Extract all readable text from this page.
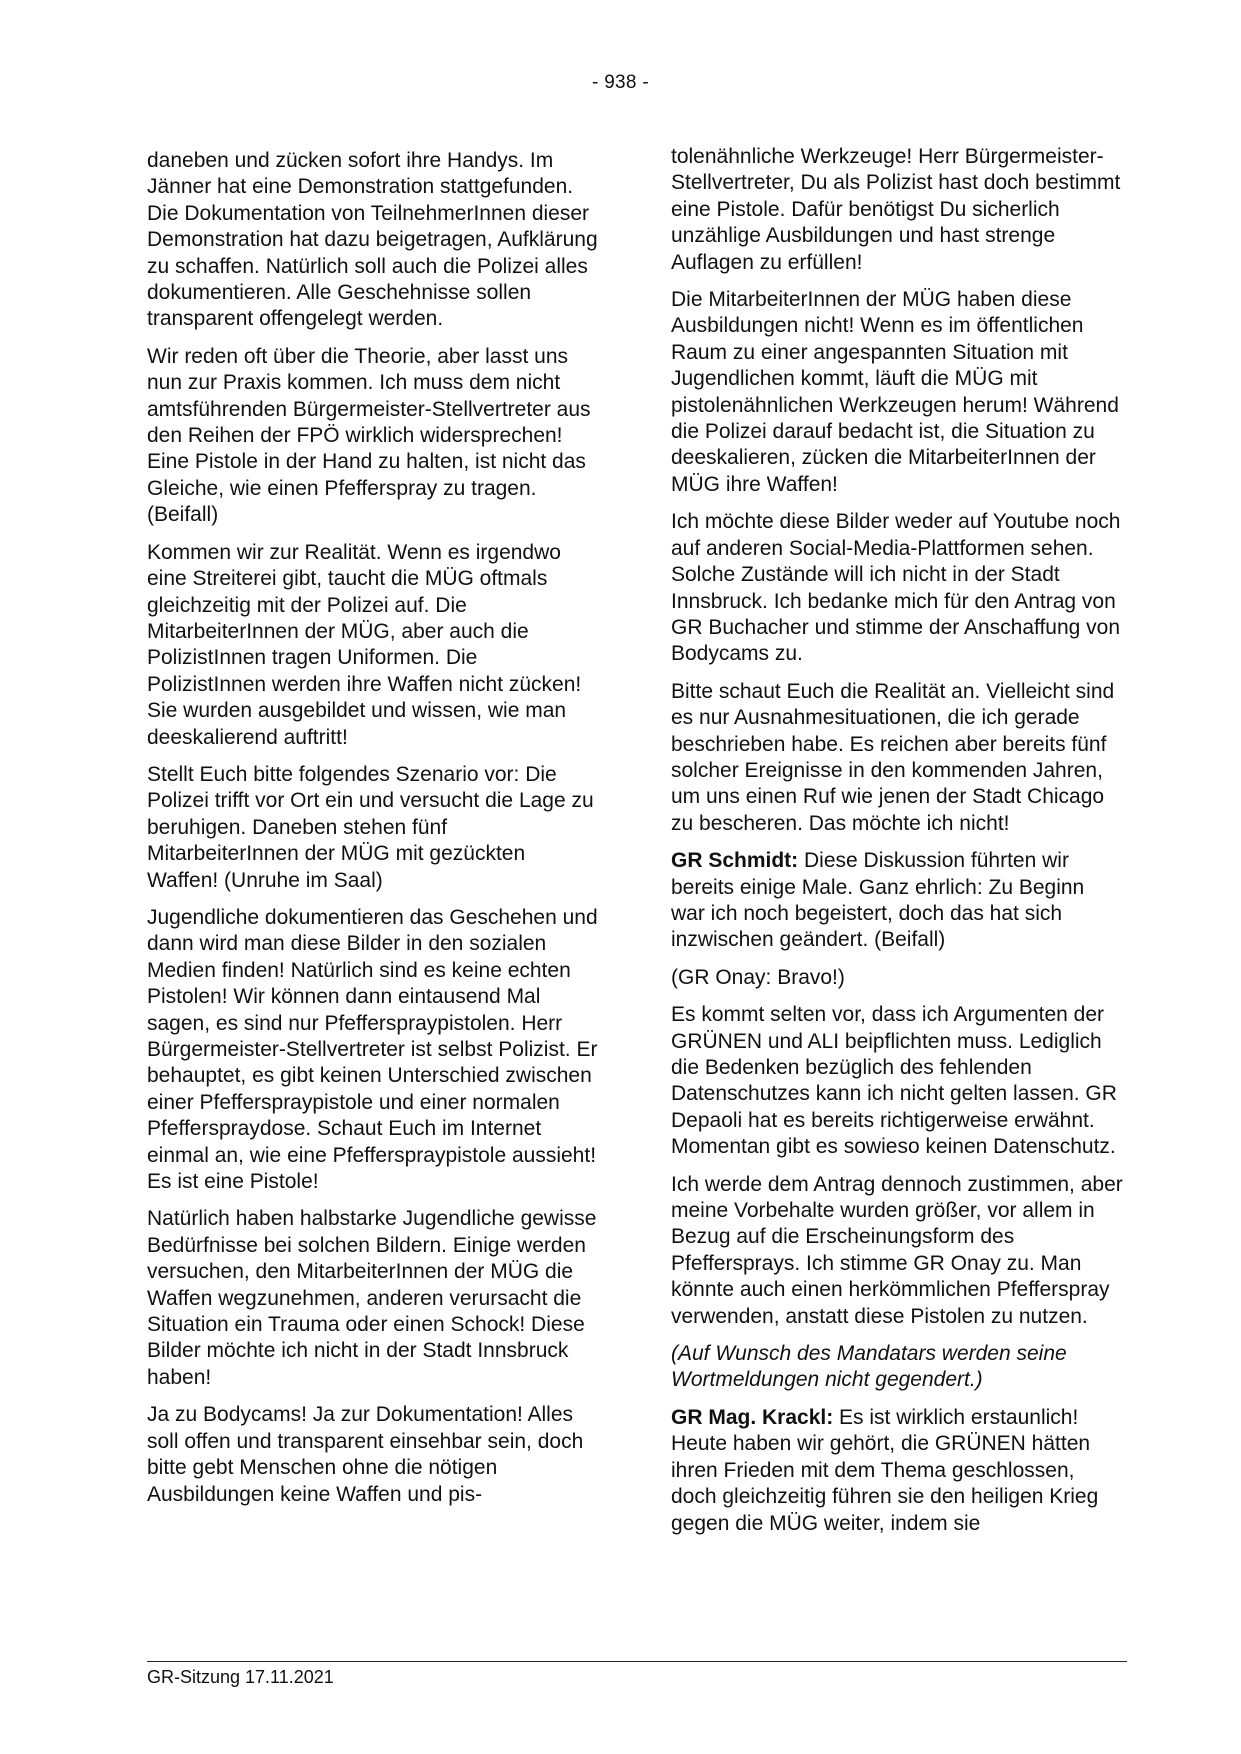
- 938 -

daneben und zücken sofort ihre Handys. Im Jänner hat eine Demonstration stattgefunden. Die Dokumentation von TeilnehmerInnen dieser Demonstration hat dazu beigetragen, Aufklärung zu schaffen. Natürlich soll auch die Polizei alles dokumentieren. Alle Geschehnisse sollen transparent offengelegt werden.

Wir reden oft über die Theorie, aber lasst uns nun zur Praxis kommen. Ich muss dem nicht amtsführenden Bürgermeister-Stellvertreter aus den Reihen der FPÖ wirklich widersprechen! Eine Pistole in der Hand zu halten, ist nicht das Gleiche, wie einen Pfefferspray zu tragen. (Beifall)

Kommen wir zur Realität. Wenn es irgendwo eine Streiterei gibt, taucht die MÜG oftmals gleichzeitig mit der Polizei auf. Die MitarbeiterInnen der MÜG, aber auch die PolizistInnen tragen Uniformen. Die PolizistInnen werden ihre Waffen nicht zücken! Sie wurden ausgebildet und wissen, wie man deeskalierend auftritt!

Stellt Euch bitte folgendes Szenario vor: Die Polizei trifft vor Ort ein und versucht die Lage zu beruhigen. Daneben stehen fünf MitarbeiterInnen der MÜG mit gezückten Waffen! (Unruhe im Saal)

Jugendliche dokumentieren das Geschehen und dann wird man diese Bilder in den sozialen Medien finden! Natürlich sind es keine echten Pistolen! Wir können dann eintausend Mal sagen, es sind nur Pfefferspraypistolen. Herr Bürgermeister-Stellvertreter ist selbst Polizist. Er behauptet, es gibt keinen Unterschied zwischen einer Pfefferspraypistole und einer normalen Pfefferspraydose. Schaut Euch im Internet einmal an, wie eine Pfefferspraypistole aussieht! Es ist eine Pistole!

Natürlich haben halbstarke Jugendliche gewisse Bedürfnisse bei solchen Bildern. Einige werden versuchen, den MitarbeiterInnen der MÜG die Waffen wegzunehmen, anderen verursacht die Situation ein Trauma oder einen Schock! Diese Bilder möchte ich nicht in der Stadt Innsbruck haben!

Ja zu Bodycams! Ja zur Dokumentation! Alles soll offen und transparent einsehbar sein, doch bitte gebt Menschen ohne die nötigen Ausbildungen keine Waffen und pis-

tolenähnliche Werkzeuge! Herr Bürgermeister-Stellvertreter, Du als Polizist hast doch bestimmt eine Pistole. Dafür benötigst Du sicherlich unzählige Ausbildungen und hast strenge Auflagen zu erfüllen!

Die MitarbeiterInnen der MÜG haben diese Ausbildungen nicht! Wenn es im öffentlichen Raum zu einer angespannten Situation mit Jugendlichen kommt, läuft die MÜG mit pistolenähnlichen Werkzeugen herum! Während die Polizei darauf bedacht ist, die Situation zu deeskalieren, zücken die MitarbeiterInnen der MÜG ihre Waffen!

Ich möchte diese Bilder weder auf Youtube noch auf anderen Social-Media-Plattformen sehen. Solche Zustände will ich nicht in der Stadt Innsbruck. Ich bedanke mich für den Antrag von GR Buchacher und stimme der Anschaffung von Bodycams zu.

Bitte schaut Euch die Realität an. Vielleicht sind es nur Ausnahmesituationen, die ich gerade beschrieben habe. Es reichen aber bereits fünf solcher Ereignisse in den kommenden Jahren, um uns einen Ruf wie jenen der Stadt Chicago zu bescheren. Das möchte ich nicht!

GR Schmidt: Diese Diskussion führten wir bereits einige Male. Ganz ehrlich: Zu Beginn war ich noch begeistert, doch das hat sich inzwischen geändert. (Beifall)

(GR Onay: Bravo!)

Es kommt selten vor, dass ich Argumenten der GRÜNEN und ALI beipflichten muss. Lediglich die Bedenken bezüglich des fehlenden Datenschutzes kann ich nicht gelten lassen. GR Depaoli hat es bereits richtigerweise erwähnt. Momentan gibt es sowieso keinen Datenschutz.

Ich werde dem Antrag dennoch zustimmen, aber meine Vorbehalte wurden größer, vor allem in Bezug auf die Erscheinungsform des Pfeffersprays. Ich stimme GR Onay zu. Man könnte auch einen herkömmlichen Pfefferspray verwenden, anstatt diese Pistolen zu nutzen.

(Auf Wunsch des Mandatars werden seine Wortmeldungen nicht gegendert.)

GR Mag. Krackl: Es ist wirklich erstaunlich! Heute haben wir gehört, die GRÜNEN hätten ihren Frieden mit dem Thema geschlossen, doch gleichzeitig führen sie den heiligen Krieg gegen die MÜG weiter, indem sie

GR-Sitzung 17.11.2021
